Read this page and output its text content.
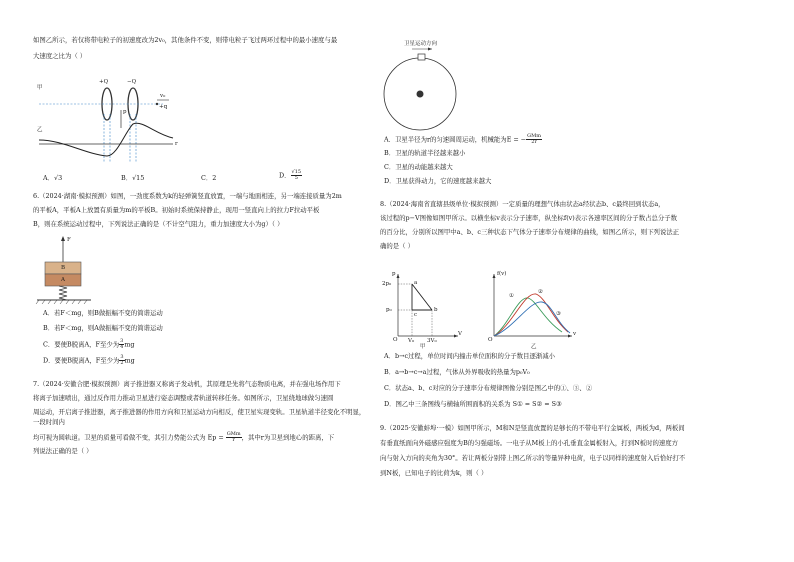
如图乙所示，若仅将带电粒子的初速度改为2v₀，其他条件不变，则带电粒子飞过两环过程中的最小速度与最

大速度之比为（ ）

甲
乙
+Q	−Q
p
v₀
+q
r
A．√3	B．√15	C．2	D． $\frac{√15}{5}$

6.（2024·湖南·模拟预测）如图，一劲度系数为k的轻弹簧竖直放置，一端与地面相连，另一端连接质量为2m

的平板A，平板A上放置有质量为m的平板B。初始时系统保持静止，现用一竖直向上的拉力F拉动平板

B，则在系统运动过程中，下列说法正确的是（不计空气阻力，重力加速度大小为g）（ ）

F
B
A

A．若F＜mg，则B做振幅不变的简谐运动

B．若F＜mg，则A做振幅不变的简谐运动

C．要使B脱离A，F至少为 $\frac{3}{4}$ mg

D．要使B脱离A，F至少为 $\frac{3}{2}$ mg

7.（2024·安徽合肥·模拟预测）离子推进器又称离子发动机，其原理是先将气态物质电离，并在强电场作用下

将离子加速喷出，通过反作用力推动卫星进行姿态调整或者轨道转移任务。如图所示，卫星绕地球做匀速圆

周运动，开启离子推进器，离子推进器的作用方向和卫星运动方向相反，使卫星实现变轨。卫星轨道半径变化不明显，一段时间内

均可视为圆轨道。卫星的质量可看做不变，其引力势能公式为 $Ep = \frac{\text{GMm}}{r}$ ，其中r为卫星到地心的距离，下

列说法正确的是（ ）

卫星运动方向

A．卫星半径为r的匀速圆周运动，机械能为E = − $\frac{\text{GMm}}{2r}$

B．卫星的轨道半径越来越小

C．卫星的动能越来越大

D．卫星获得动力，它的速度越来越大

8.（2024·海南省直辖县级单位·模拟预测）一定质量的理想气体由状态a经状态b、c最终回到状态a，

该过程的p−V图像如图甲所示。以横坐标v表示分子速率，纵坐标f(v)表示各速率区间的分子数占总分子数

的百分比，分别所以图甲中a、b、c三种状态下气体分子速率分布规律的曲线，如图乙所示，则下列说法正

确的是（ ）

p
V
2p₀
p₀
V₀ 3V₀
a
b
c
O
甲
f(v)
v
O
乙
①
②
③

A．b→c过程，单位时间内撞击单位面积的分子数目逐渐减小

B．a→b→c→a过程，气体从外界吸收的热量为p₀V₀

C．状态a、b、c对应的分子速率分布规律图像分别是图乙中的①、③、②

D．图乙中三条图线与横轴所围面积的关系为 S① = S② = S③

9.（2025·安徽蚌埠·一模）如图甲所示，M和N是竖直放置的足够长的不带电平行金属板，两板为d，两板间

有垂直纸面向外磁感应强度为B的匀强磁场。一电子从M板上的小孔垂直金属板射入，打到N板时的速度方

向与射入方向的夹角为30°。若让两板分别带上图乙所示的等量异种电荷，电子以同样的速度射入后恰好打不

到N板，已知电子的比荷为k，则（ ）
